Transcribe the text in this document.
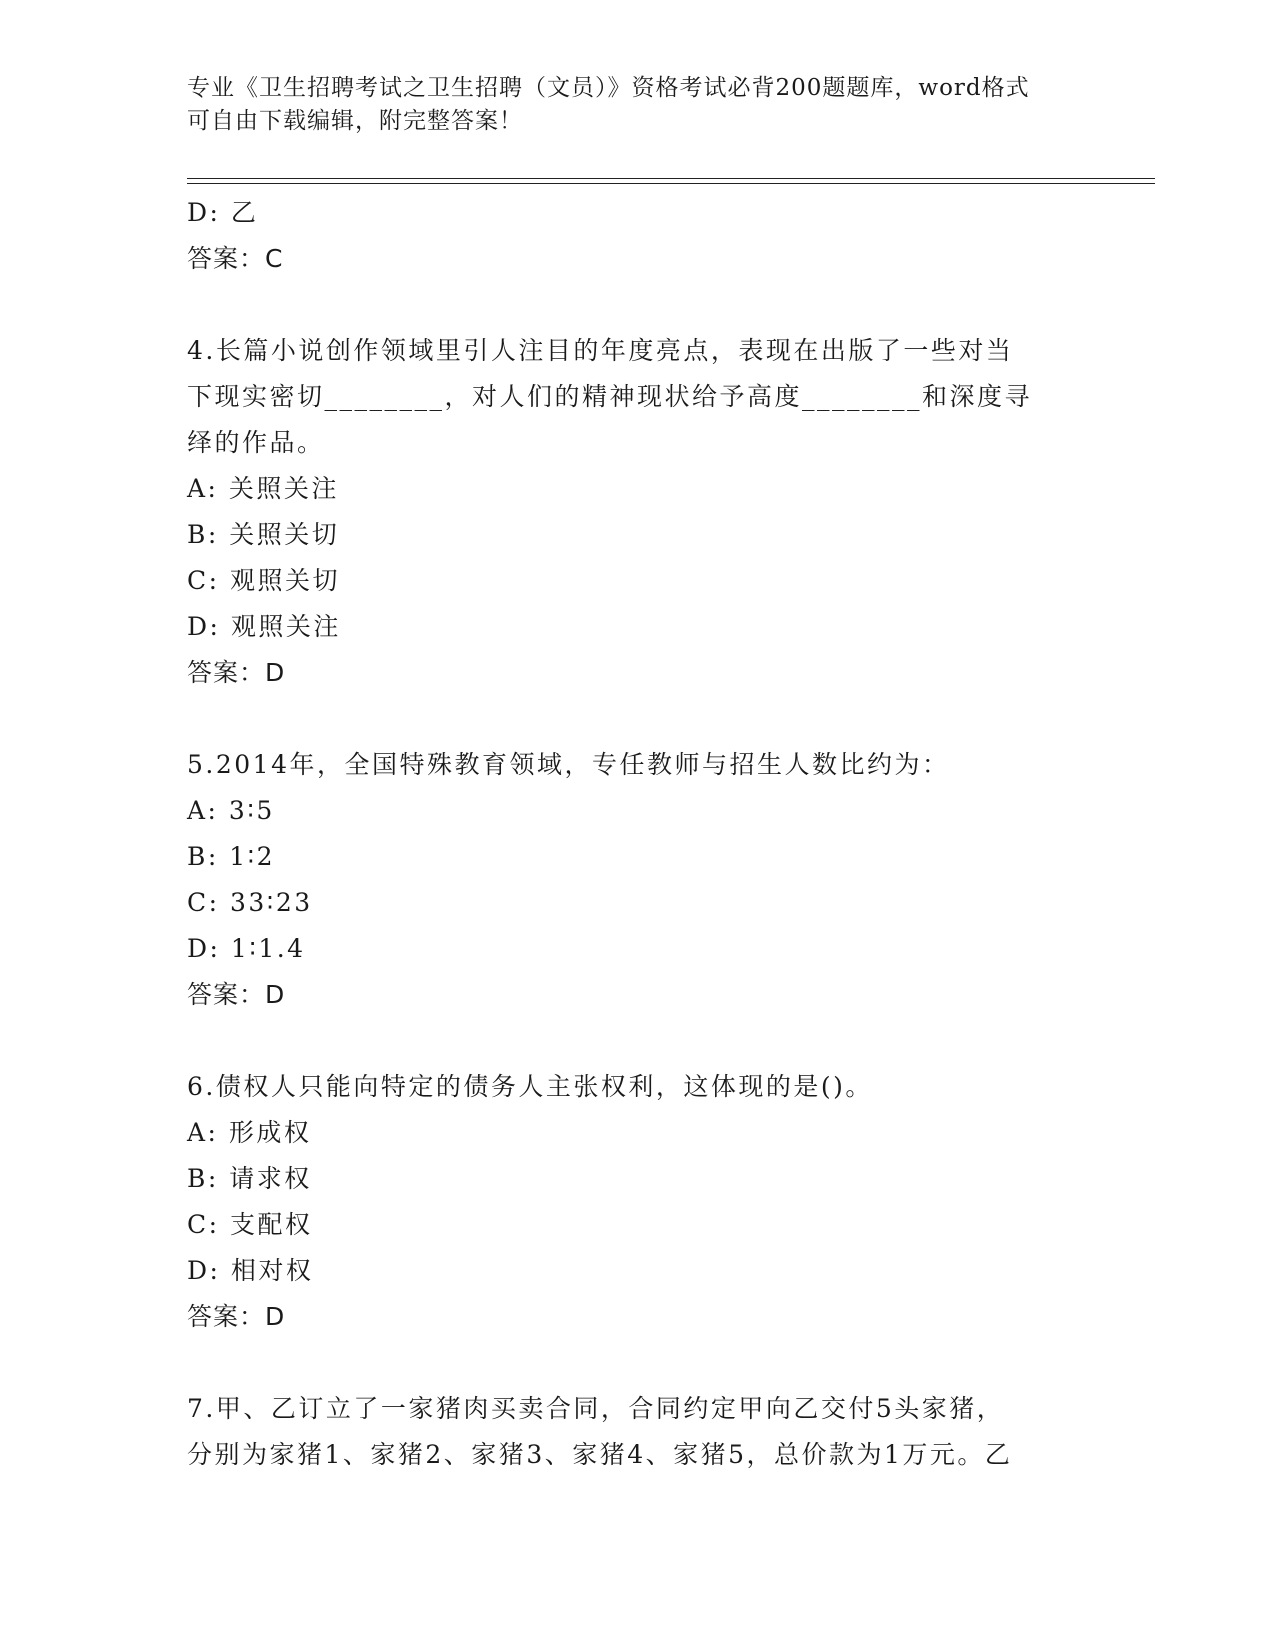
专业《卫生招聘考试之卫生招聘（文员）》资格考试必背200题题库，word格式
可自由下载编辑，附完整答案！
D: 乙
答案：C
4.长篇小说创作领域里引人注目的年度亮点，表现在出版了一些对当
下现实密切________，对人们的精神现状给予高度________和深度寻
绎的作品。
A: 关照关注
B: 关照关切
C: 观照关切
D: 观照关注
答案：D
5.2014年，全国特殊教育领域，专任教师与招生人数比约为：
A: 3∶5
B: 1∶2
C: 33∶23
D: 1∶1.4
答案：D
6.债权人只能向特定的债务人主张权利，这体现的是()。
A: 形成权
B: 请求权
C: 支配权
D: 相对权
答案：D
7.甲、乙订立了一家猪肉买卖合同，合同约定甲向乙交付5头家猪，
分别为家猪1、家猪2、家猪3、家猪4、家猪5，总价款为1万元。乙
